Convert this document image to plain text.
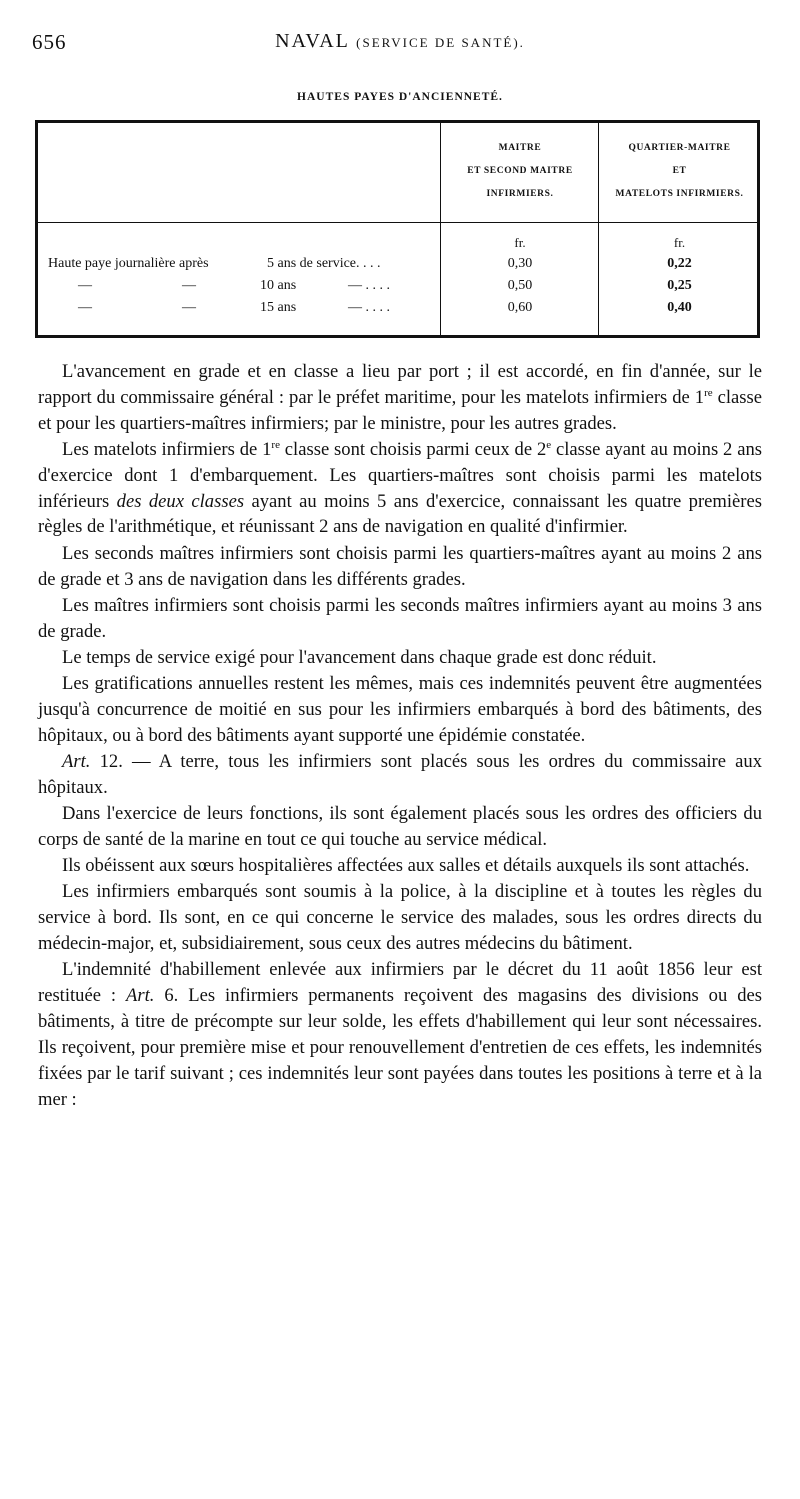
656	NAVAL (SERVICE DE SANTÉ).
HAUTES PAYES D'ANCIENNETÉ.
MAITRE
ET SECOND MAITRE
INFIRMIERS.
QUARTIER-MAITRE
ET
MATELOTS INFIRMIERS.
fr.	fr.
Haute paye journalière après	5 ans de service. . . .	0,30	0,22
—	—	10 ans	— . . . .	0,50	0,25
—	—	15 ans	— . . . .	0,60	0,40

L'avancement en grade et en classe a lieu par port ; il est accordé, en fin d'année, sur le rapport du commissaire général : par le préfet maritime, pour les matelots infirmiers de 1re classe et pour les quartiers-maîtres infirmiers; par le ministre, pour les autres grades.

Les matelots infirmiers de 1re classe sont choisis parmi ceux de 2e classe ayant au moins 2 ans d'exercice dont 1 d'embarquement. Les quartiers-maîtres sont choisis parmi les matelots inférieurs des deux classes ayant au moins 5 ans d'exercice, connaissant les quatre premières règles de l'arithmétique, et réunissant 2 ans de navigation en qualité d'infirmier.

Les seconds maîtres infirmiers sont choisis parmi les quartiers-maîtres ayant au moins 2 ans de grade et 3 ans de navigation dans les différents grades.

Les maîtres infirmiers sont choisis parmi les seconds maîtres infirmiers ayant au moins 3 ans de grade.

Le temps de service exigé pour l'avancement dans chaque grade est donc réduit.

Les gratifications annuelles restent les mêmes, mais ces indemnités peuvent être augmentées jusqu'à concurrence de moitié en sus pour les infirmiers embarqués à bord des bâtiments, des hôpitaux, ou à bord des bâtiments ayant supporté une épidémie constatée.

Art. 12. — A terre, tous les infirmiers sont placés sous les ordres du commissaire aux hôpitaux.

Dans l'exercice de leurs fonctions, ils sont également placés sous les ordres des officiers du corps de santé de la marine en tout ce qui touche au service médical.

Ils obéissent aux sœurs hospitalières affectées aux salles et détails auxquels ils sont attachés.

Les infirmiers embarqués sont soumis à la police, à la discipline et à toutes les règles du service à bord. Ils sont, en ce qui concerne le service des malades, sous les ordres directs du médecin-major, et, subsidiairement, sous ceux des autres médecins du bâtiment.

L'indemnité d'habillement enlevée aux infirmiers par le décret du 11 août 1856 leur est restituée : Art. 6. Les infirmiers permanents reçoivent des magasins des divisions ou des bâtiments, à titre de précompte sur leur solde, les effets d'habillement qui leur sont nécessaires. Ils reçoivent, pour première mise et pour renouvellement d'entretien de ces effets, les indemnités fixées par le tarif suivant ; ces indemnités leur sont payées dans toutes les positions à terre et à la mer :
